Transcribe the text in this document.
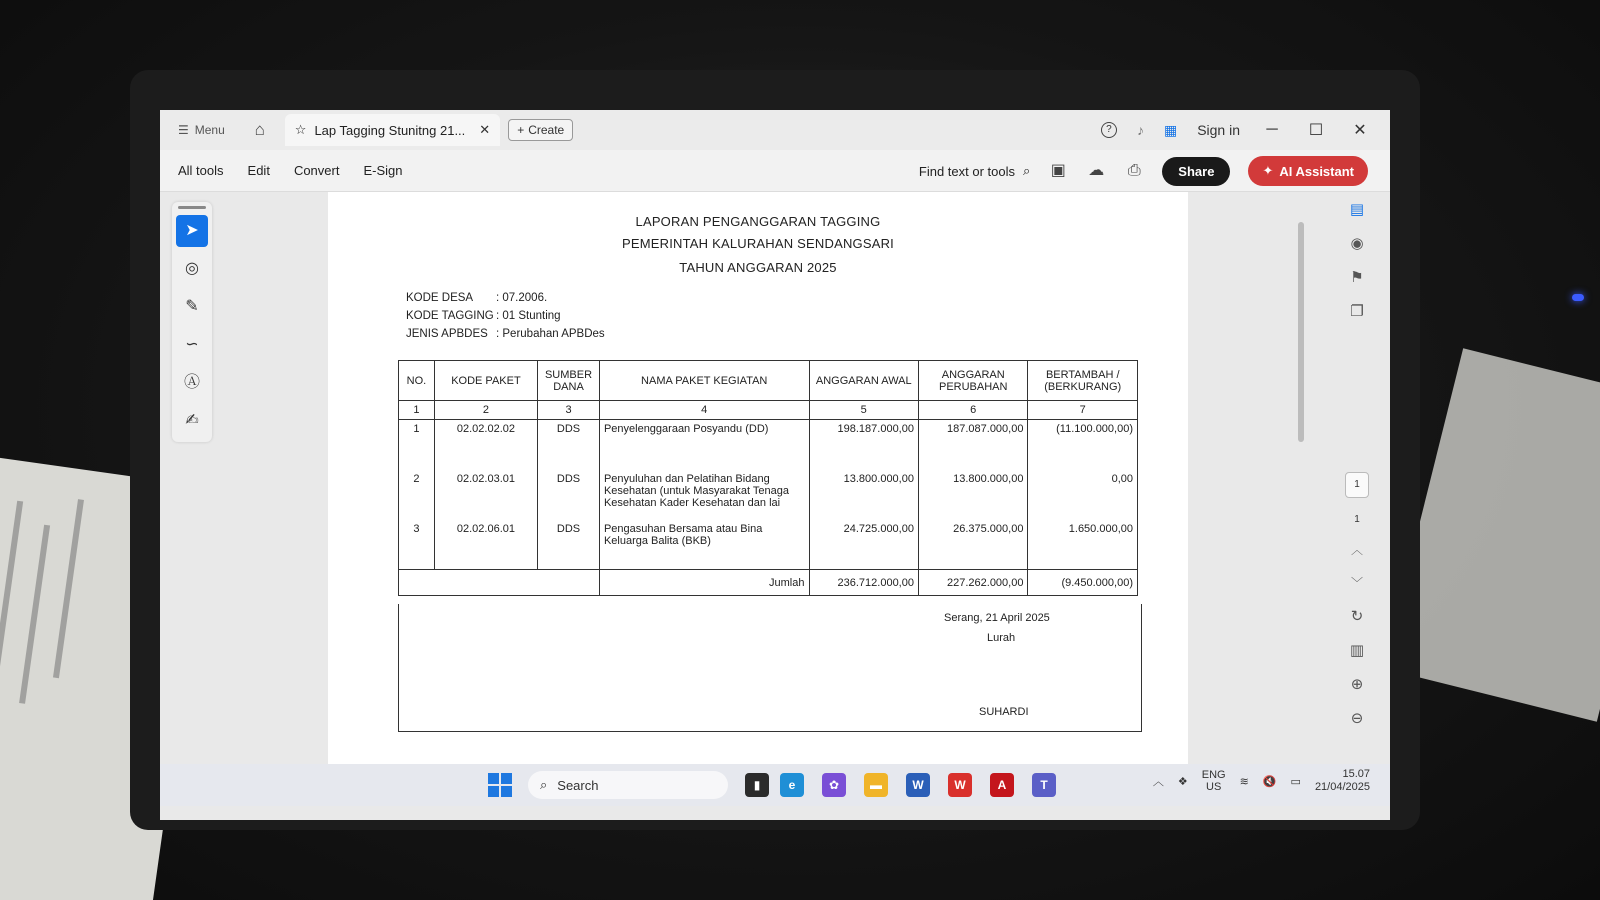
☰ Menu	⌂	☆ Lap Tagging Stunitng 21... ✕ + Create	?	♪ ▦ Sign in	─	☐	✕
All tools Edit Convert E-Sign	Find text or tools ⌕ ▣ ☁ ⎙	Share	✦ AI Assistant
➤
◎
✎
∽
Ⓐ
✍
LAPORAN PENGANGGARAN TAGGING
PEMERINTAH KALURAHAN SENDANGSARI
TAHUN ANGGARAN 2025
KODE DESA : 07.2006.
KODE TAGGING : 01 Stunting
JENIS APBDES : Perubahan APBDes
NO.	KODE PAKET	SUMBER DANA	NAMA PAKET KEGIATAN	ANGGARAN AWAL	ANGGARAN PERUBAHAN	BERTAMBAH / (BERKURANG)
1	2	3	4	5	6	7
1	02.02.02.02	DDS	Penyelenggaraan Posyandu (DD)	198.187.000,00	187.087.000,00	(11.100.000,00)
2	02.02.03.01	DDS	Penyuluhan dan Pelatihan Bidang Kesehatan (untuk Masyarakat Tenaga Kesehatan Kader Kesehatan dan lai	13.800.000,00	13.800.000,00	0,00
3	02.02.06.01	DDS	Pengasuhan Bersama atau Bina Keluarga Balita (BKB)	24.725.000,00	26.375.000,00	1.650.000,00
			Jumlah	236.712.000,00	227.262.000,00	(9.450.000,00)
Serang, 21 April 2025
Lurah
SUHARDI
▤
◉
⚑
❐
1
1
︿
﹀
↻
▥
⊕
⊖
⌕ Search	▮	e	✿	▬	W	W	A	T	︿ ❖
ENG
US	≋ 🔇 ▭
15.07
21/04/2025
